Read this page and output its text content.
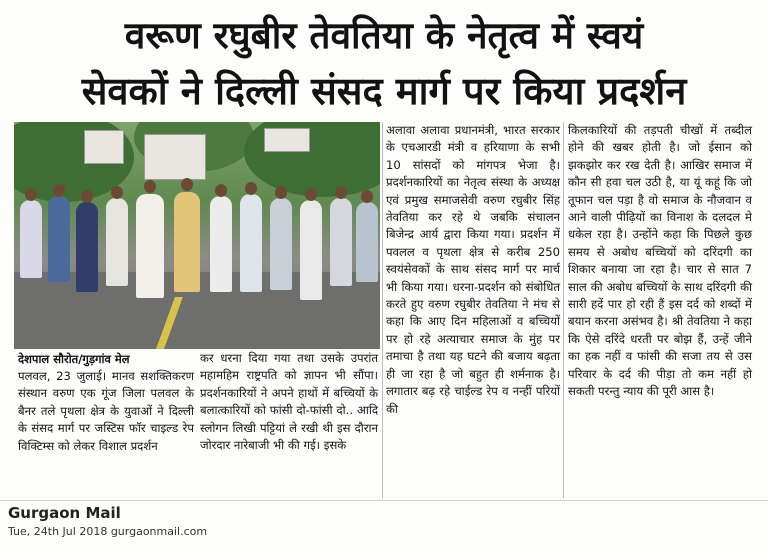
वरूण रघुबीर तेवतिया के नेतृत्व में स्वयं
सेवकों ने दिल्ली संसद मार्ग पर किया प्रदर्शन
देशपाल सौरोत/गुड़गांव मेल
पलवल, 23 जुलाई। मानव सशक्तिकरण संस्थान वरुण एक गूंज जिला पलवल के बैनर तले पृथला क्षेत्र के युवाओं ने दिल्ली के संसद मार्ग पर जस्टिस फॉर चाइल्ड रेप विक्टिम्स को लेकर विशाल प्रदर्शन
कर धरना दिया गया तथा उसके उपरांत महामहिम राष्ट्रपति को ज्ञापन भी सौंपा। प्रदर्शनकारियों ने अपने हाथों में बच्चियों के बलात्कारियों को फांसी दो-फांसी दो.. आदि स्लोगन लिखी पट्टियां ले रखी थी इस दौरान जोरदार नारेबाजी भी की गई। इसके
अलावा अलावा प्रधानमंत्री, भारत सरकार के एचआरडी मंत्री व हरियाणा के सभी 10 सांसदों को मांगपत्र भेजा है। प्रदर्शनकारियों का नेतृत्व संस्था के अध्यक्ष एवं प्रमुख समाजसेवी वरुण रघुबीर सिंह तेवतिया कर रहे थे जबकि संचालन बिजेन्द्र आर्य द्वारा किया गया। प्रदर्शन में पवलल व पृथला क्षेत्र से करीब 250 स्वयंसेवकों के साथ संसद मार्ग पर मार्च भी किया गया। धरना-प्रदर्शन को संबोधित करते हुए वरुण रघुबीर तेवतिया ने मंच से कहा कि आए दिन महिलाओं व बच्चियों पर हो रहे अत्याचार समाज के मुंह पर तमाचा है तथा यह घटने की बजाय बढ़ता ही जा रहा है जो बहुत ही शर्मनाक है। लगातार बढ़ रहे चाईल्ड रेप व नन्हीं परियों की
किलकारियों की तड़पती चीखों में तब्दील होने की खबर होती है। जो ईसान को झकझोर कर रख देती है। आखिर समाज में कौन सी हवा चल उठी है, या यूं कहूं कि जो तूफान चल पड़ा है वो समाज के नौजवान व आने वाली पीढ़ियों का विनाश के दलदल मे धकेल रहा है। उन्होंने कहा कि पिछले कुछ समय से अबोध बच्चियों को दरिंदगी का शिकार बनाया जा रहा है। चार से सात 7 साल की अबोध बच्चियों के साथ दरिंदगी की सारी हदें पार हो रही हैं इस दर्द को शब्दों में बयान करना असंभव है। श्री तेवतिया ने कहा कि ऐसे दरिंदे धरती पर बोझ हैं, उन्हें जीने का हक नहीं व फांसी की सजा तय से उस परिवार के दर्द की पीड़ा तो कम नहीं हो सकती परन्तु न्याय की पूरी आस है।
Gurgaon Mail
Tue, 24th Jul 2018 gurgaonmail.com
